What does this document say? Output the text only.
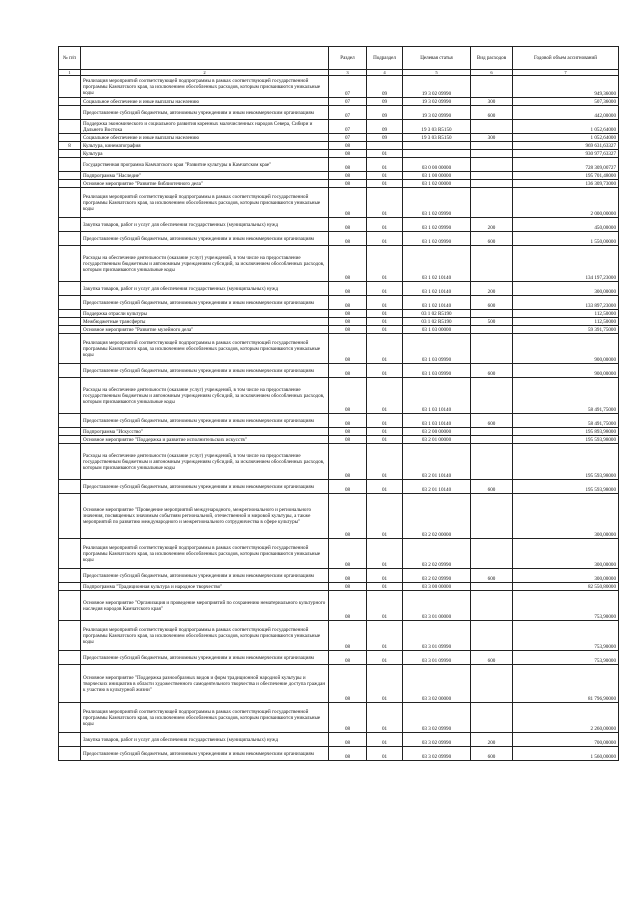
№ п/п		Раздел	Подраздел	Целевая статья	Вид расходов	Годовой объем ассигнований
1	2	3	4	5	6	7
	Реализация мероприятий соответствующей подпрограммы в рамках соответствующей государственной программы Камчатского края, за исключением обособленных расходов, которым присваиваются уникальные коды	07	09	19 3 02 09990		949,36000
	Социальное обеспечение и иные выплаты населению	07	09	19 3 02 09990	300	507,36000
	Предоставление субсидий бюджетным, автономным учреждениям и иным некоммерческим организациям	07	09	19 3 02 09990	600	442,00000
	Поддержка экономического и социального развития коренных малочисленных народов Севера, Сибири и Дальнего Востока	07	09	19 3 03 R5150		1 052,64000
	Социальное обеспечение и иные выплаты населению	07	09	19 3 03 R5150	300	1 052,64000
8	Культура, кинематография	08				969 631,63327
	Культура	08	01			930 977,63327
	Государственная программа Камчатского края "Развитие культуры в Камчатском крае"	08	01	03 0 00 00000		728 309,00727
	Подпрограмма "Наследие"	08	01	03 1 00 00000		195 701,48000
	Основное мероприятие "Развитие библиотечного дела"	08	01	03 1 02 00000		136 309,73000
	Реализация мероприятий соответствующей подпрограммы в рамках соответствующей государственной программы Камчатского края, за исключением обособленных расходов, которым присваиваются уникальные коды	08	01	03 1 02 09990		2 000,00000
	Закупка товаров, работ и услуг для обеспечения государственных (муниципальных) нужд	08	01	03 1 02 09990	200	450,00000
	Предоставление субсидий бюджетным, автономным учреждениям и иным некоммерческим организациям	08	01	03 1 02 09990	600	1 550,00000
	Расходы на обеспечение деятельности (оказание услуг) учреждений, в том числе на предоставление государственным бюджетным и автономным учреждениям субсидий, за исключением обособленных расходов, которым присваиваются уникальные коды	08	01	03 1 02 10140		134 197,23000
	Закупка товаров, работ и услуг для обеспечения государственных (муниципальных) нужд	08	01	03 1 02 10140	200	300,00000
	Предоставление субсидий бюджетным, автономным учреждениям и иным некоммерческим организациям	08	01	03 1 02 10140	600	133 897,23000
	Поддержка отрасли культуры	08	01	03 1 02 R5190		112,50000
	Межбюджетные трансферты	08	01	03 1 02 R5190	500	112,50000
	Основное мероприятие "Развитие музейного дела"	08	01	03 1 03 00000		59 391,75000
	Реализация мероприятий соответствующей подпрограммы в рамках соответствующей государственной программы Камчатского края, за исключением обособленных расходов, которым присваиваются уникальные коды	08	01	03 1 03 09990		900,00000
	Предоставление субсидий бюджетным, автономным учреждениям и иным некоммерческим организациям	08	01	03 1 03 09990	600	900,00000
	Расходы на обеспечение деятельности (оказание услуг) учреждений, в том числе на предоставление государственным бюджетным и автономным учреждениям субсидий, за исключением обособленных расходов, которым присваиваются уникальные коды	08	01	03 1 03 10140		58 491,75000
	Предоставление субсидий бюджетным, автономным учреждениям и иным некоммерческим организациям	08	01	03 1 03 10140	600	58 491,75000
	Подпрограмма "Искусство"	08	01	03 2 00 00000		195 893,98000
	Основное мероприятие "Поддержка и развитие исполнительских искусств"	08	01	03 2 01 00000		195 593,98000
	Расходы на обеспечение деятельности (оказание услуг) учреждений, в том числе на предоставление государственным бюджетным и автономным учреждениям субсидий, за исключением обособленных расходов, которым присваиваются уникальные коды	08	01	03 2 01 10140		195 593,98000
	Предоставление субсидий бюджетным, автономным учреждениям и иным некоммерческим организациям	08	01	03 2 01 10140	600	195 593,98000
	Основное мероприятие "Проведение мероприятий международного, межрегионального и регионального значения, посвященных значимым событиям региональной, отечественной и мировой культуры, а также мероприятий по развитию международного и межрегионального сотрудничества в сфере культуры"	08	01	03 2 02 00000		300,00000
	Реализация мероприятий соответствующей подпрограммы в рамках соответствующей государственной программы Камчатского края, за исключением обособленных расходов, которым присваиваются уникальные коды	08	01	03 2 02 09990		300,00000
	Предоставление субсидий бюджетным, автономным учреждениям и иным некоммерческим организациям	08	01	03 2 02 09990	600	300,00000
	Подпрограмма "Традиционная культура и народное творчество"	08	01	03 3 00 00000		82 550,80000
	Основное мероприятие "Организация и проведение мероприятий по сохранению нематериального культурного наследия народов Камчатского края"	08	01	03 3 01 00000		753,90000
	Реализация мероприятий соответствующей подпрограммы в рамках соответствующей государственной программы Камчатского края, за исключением обособленных расходов, которым присваиваются уникальные коды	08	01	03 3 01 09990		753,90000
	Предоставление субсидий бюджетным, автономным учреждениям и иным некоммерческим организациям	08	01	03 3 01 09990	600	753,90000
	Основное мероприятие "Поддержка разнообразных видов и форм традиционной народной культуры и творческих инициатив в области художественного самодеятельного творчества и обеспечение доступа граждан к участию в культурной жизни"	08	01	03 3 02 00000		81 796,90000
	Реализация мероприятий соответствующей подпрограммы в рамках соответствующей государственной программы Камчатского края, за исключением обособленных расходов, которым присваиваются уникальные коды	08	01	03 3 02 09990		2 260,00000
	Закупка товаров, работ и услуг для обеспечения государственных (муниципальных) нужд	08	01	03 3 02 09990	200	700,00000
	Предоставление субсидий бюджетным, автономным учреждениям и иным некоммерческим организациям	08	01	03 3 02 09990	600	1 560,00000
